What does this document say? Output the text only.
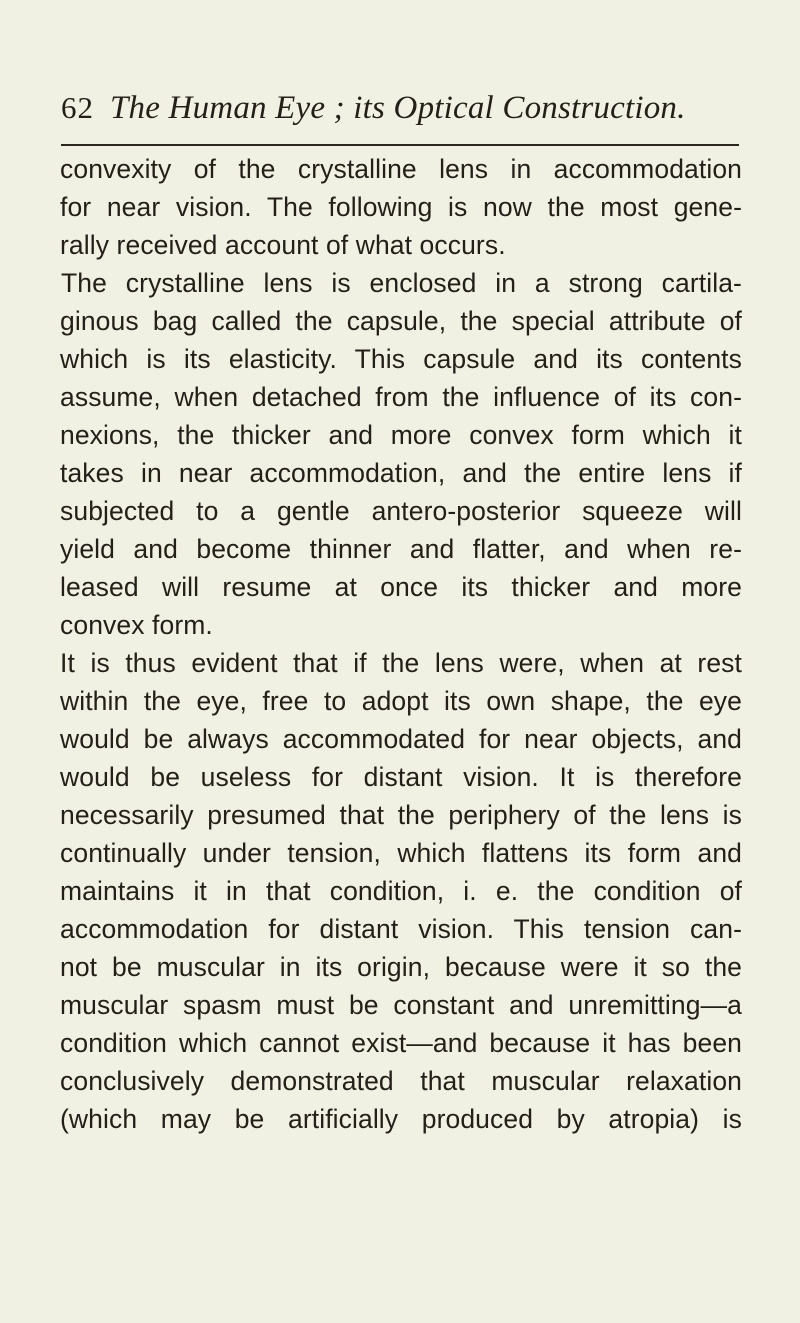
62 The Human Eye ; its Optical Construction.
convexity of the crystalline lens in accommodation
for near vision. The following is now the most gene-
rally received account of what occurs.
The crystalline lens is enclosed in a strong cartila-
ginous bag called the capsule, the special attribute of
which is its elasticity. This capsule and its contents
assume, when detached from the influence of its con-
nexions, the thicker and more convex form which it
takes in near accommodation, and the entire lens if
subjected to a gentle antero-posterior squeeze will
yield and become thinner and flatter, and when re-
leased will resume at once its thicker and more
convex form.
It is thus evident that if the lens were, when at rest
within the eye, free to adopt its own shape, the eye
would be always accommodated for near objects, and
would be useless for distant vision. It is therefore
necessarily presumed that the periphery of the lens is
continually under tension, which flattens its form and
maintains it in that condition, i. e. the condition of
accommodation for distant vision. This tension can-
not be muscular in its origin, because were it so the
muscular spasm must be constant and unremitting—a
condition which cannot exist—and because it has been
conclusively demonstrated that muscular relaxation
(which may be artificially produced by atropia) is
